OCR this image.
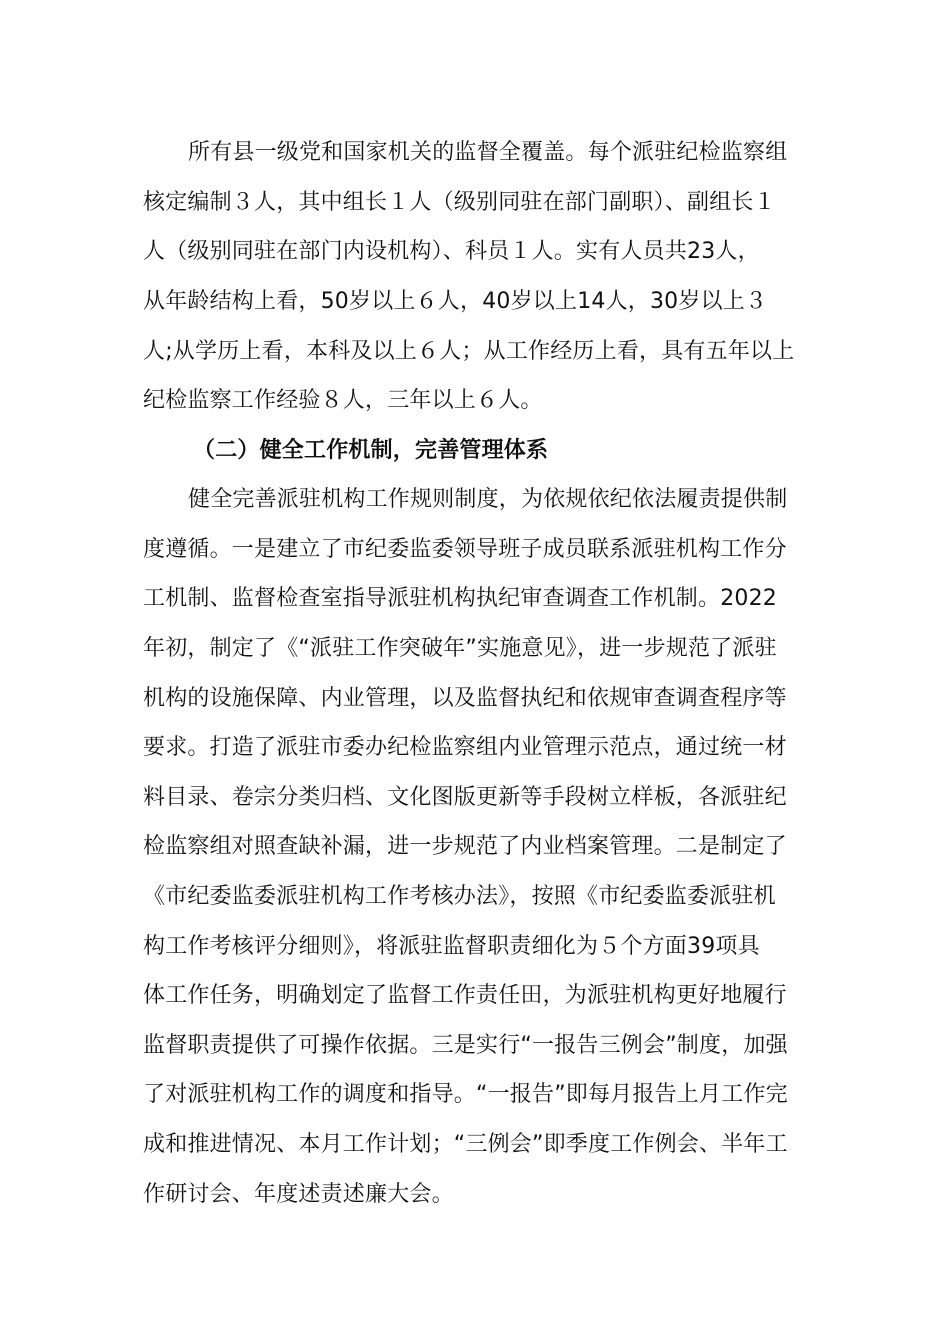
所有县一级党和国家机关的监督全覆盖。每个派驻纪检监察组
核定编制３人，其中组长１人（级别同驻在部门副职）、副组长１
人（级别同驻在部门内设机构）、科员１人。实有人员共23人，
从年龄结构上看，50岁以上６人，40岁以上14人，30岁以上３
人;从学历上看，本科及以上６人；从工作经历上看，具有五年以上
纪检监察工作经验８人，三年以上６人。
（二）健全工作机制，完善管理体系
健全完善派驻机构工作规则制度，为依规依纪依法履责提供制
度遵循。一是建立了市纪委监委领导班子成员联系派驻机构工作分
工机制、监督检查室指导派驻机构执纪审查调查工作机制。2022
年初，制定了《“派驻工作突破年”实施意见》，进一步规范了派驻
机构的设施保障、内业管理，以及监督执纪和依规审查调查程序等
要求。打造了派驻市委办纪检监察组内业管理示范点，通过统一材
料目录、卷宗分类归档、文化图版更新等手段树立样板，各派驻纪
检监察组对照查缺补漏，进一步规范了内业档案管理。二是制定了
《市纪委监委派驻机构工作考核办法》，按照《市纪委监委派驻机
构工作考核评分细则》，将派驻监督职责细化为５个方面39项具
体工作任务，明确划定了监督工作责任田，为派驻机构更好地履行
监督职责提供了可操作依据。三是实行“一报告三例会”制度，加强
了对派驻机构工作的调度和指导。“一报告”即每月报告上月工作完
成和推进情况、本月工作计划；“三例会”即季度工作例会、半年工
作研讨会、年度述责述廉大会。
